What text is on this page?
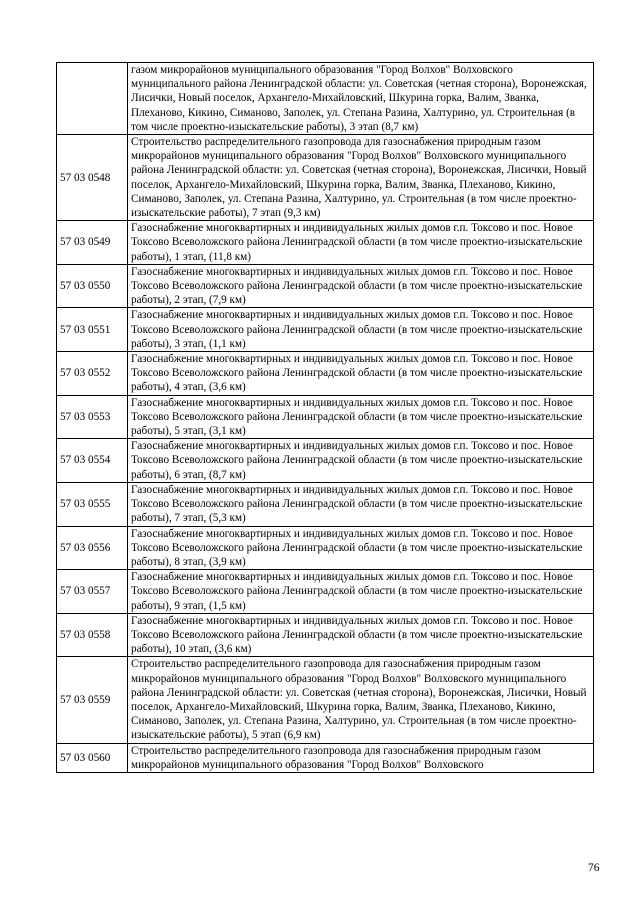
	газом микрорайонов муниципального образования "Город Волхов" Волховского муниципального района Ленинградской области: ул. Советская (четная сторона), Воронежская, Лисички, Новый поселок, Архангело-Михайловский, Шкурина горка, Валим, Званка, Плеханово, Кикино, Симаново, Заполек, ул. Степана Разина, Халтурино, ул. Строительная (в том числе проектно-изыскательские работы), 3 этап (8,7 км)
57 03 0548	Строительство распределительного газопровода для газоснабжения природным газом микрорайонов муниципального образования "Город Волхов" Волховского муниципального района Ленинградской области: ул. Советская (четная сторона), Воронежская, Лисички, Новый поселок, Архангело-Михайловский, Шкурина горка, Валим, Званка, Плеханово, Кикино, Симаново, Заполек, ул. Степана Разина, Халтурино, ул. Строительная (в том числе проектно-изыскательские работы), 7 этап (9,3 км)
57 03 0549	Газоснабжение многоквартирных и индивидуальных жилых домов г.п. Токсово и пос. Новое Токсово Всеволожского района Ленинградской области (в том числе проектно-изыскательские работы), 1 этап, (11,8 км)
57 03 0550	Газоснабжение многоквартирных и индивидуальных жилых домов г.п. Токсово и пос. Новое Токсово Всеволожского района Ленинградской области (в том числе проектно-изыскательские работы), 2 этап, (7,9 км)
57 03 0551	Газоснабжение многоквартирных и индивидуальных жилых домов г.п. Токсово и пос. Новое Токсово Всеволожского района Ленинградской области (в том числе проектно-изыскательские работы), 3 этап, (1,1 км)
57 03 0552	Газоснабжение многоквартирных и индивидуальных жилых домов г.п. Токсово и пос. Новое Токсово Всеволожского района Ленинградской области (в том числе проектно-изыскательские работы), 4 этап, (3,6 км)
57 03 0553	Газоснабжение многоквартирных и индивидуальных жилых домов г.п. Токсово и пос. Новое Токсово Всеволожского района Ленинградской области (в том числе проектно-изыскательские работы), 5 этап, (3,1 км)
57 03 0554	Газоснабжение многоквартирных и индивидуальных жилых домов г.п. Токсово и пос. Новое Токсово Всеволожского района Ленинградской области (в том числе проектно-изыскательские работы), 6 этап, (8,7 км)
57 03 0555	Газоснабжение многоквартирных и индивидуальных жилых домов г.п. Токсово и пос. Новое Токсово Всеволожского района Ленинградской области (в том числе проектно-изыскательские работы), 7 этап, (5,3 км)
57 03 0556	Газоснабжение многоквартирных и индивидуальных жилых домов г.п. Токсово и пос. Новое Токсово Всеволожского района Ленинградской области (в том числе проектно-изыскательские работы), 8 этап, (3,9 км)
57 03 0557	Газоснабжение многоквартирных и индивидуальных жилых домов г.п. Токсово и пос. Новое Токсово Всеволожского района Ленинградской области (в том числе проектно-изыскательские работы), 9 этап, (1,5 км)
57 03 0558	Газоснабжение многоквартирных и индивидуальных жилых домов г.п. Токсово и пос. Новое Токсово Всеволожского района Ленинградской области (в том числе проектно-изыскательские работы), 10 этап, (3,6 км)
57 03 0559	Строительство распределительного газопровода для газоснабжения природным газом микрорайонов муниципального образования "Город Волхов" Волховского муниципального района Ленинградской области: ул. Советская (четная сторона), Воронежская, Лисички, Новый поселок, Архангело-Михайловский, Шкурина горка, Валим, Званка, Плеханово, Кикино, Симаново, Заполек, ул. Степана Разина, Халтурино, ул. Строительная (в том числе проектно-изыскательские работы), 5 этап (6,9 км)
57 03 0560	Строительство распределительного газопровода для газоснабжения природным газом микрорайонов муниципального образования "Город Волхов" Волховского
76
